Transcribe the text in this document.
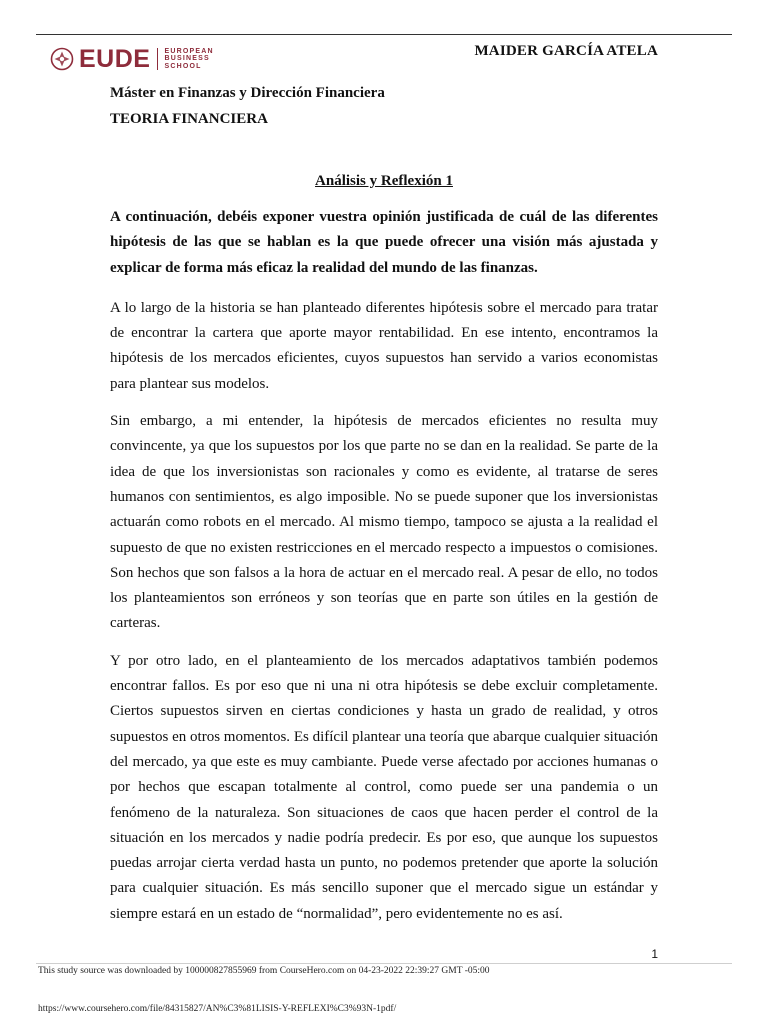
EUDE EUROPEAN
BUSINESS
SCHOOL
MAIDER GARCÍA ATELA
Máster en Finanzas y Dirección Financiera
TEORIA FINANCIERA
Análisis y Reflexión 1

A continuación, debéis exponer vuestra opinión justificada de cuál de las diferentes hipótesis de las que se hablan es la que puede ofrecer una visión más ajustada y explicar de forma más eficaz la realidad del mundo de las finanzas.

A lo largo de la historia se han planteado diferentes hipótesis sobre el mercado para tratar de encontrar la cartera que aporte mayor rentabilidad. En ese intento, encontramos la hipótesis de los mercados eficientes, cuyos supuestos han servido a varios economistas para plantear sus modelos.

Sin embargo, a mi entender, la hipótesis de mercados eficientes no resulta muy convincente, ya que los supuestos por los que parte no se dan en la realidad. Se parte de la idea de que los inversionistas son racionales y como es evidente, al tratarse de seres humanos con sentimientos, es algo imposible. No se puede suponer que los inversionistas actuarán como robots en el mercado. Al mismo tiempo, tampoco se ajusta a la realidad el supuesto de que no existen restricciones en el mercado respecto a impuestos o comisiones. Son hechos que son falsos a la hora de actuar en el mercado real. A pesar de ello, no todos los planteamientos son erróneos y son teorías que en parte son útiles en la gestión de carteras.

Y por otro lado, en el planteamiento de los mercados adaptativos también podemos encontrar fallos. Es por eso que ni una ni otra hipótesis se debe excluir completamente. Ciertos supuestos sirven en ciertas condiciones y hasta un grado de realidad, y otros supuestos en otros momentos. Es difícil plantear una teoría que abarque cualquier situación del mercado, ya que este es muy cambiante. Puede verse afectado por acciones humanas o por hechos que escapan totalmente al control, como puede ser una pandemia o un fenómeno de la naturaleza. Son situaciones de caos que hacen perder el control de la situación en los mercados y nadie podría predecir. Es por eso, que aunque los supuestos puedas arrojar cierta verdad hasta un punto, no podemos pretender que aporte la solución para cualquier situación. Es más sencillo suponer que el mercado sigue un estándar y siempre estará en un estado de “normalidad”, pero evidentemente no es así.

1
This study source was downloaded by 100000827855969 from CourseHero.com on 04-23-2022 22:39:27 GMT -05:00
https://www.coursehero.com/file/84315827/AN%C3%81LISIS-Y-REFLEXI%C3%93N-1pdf/
